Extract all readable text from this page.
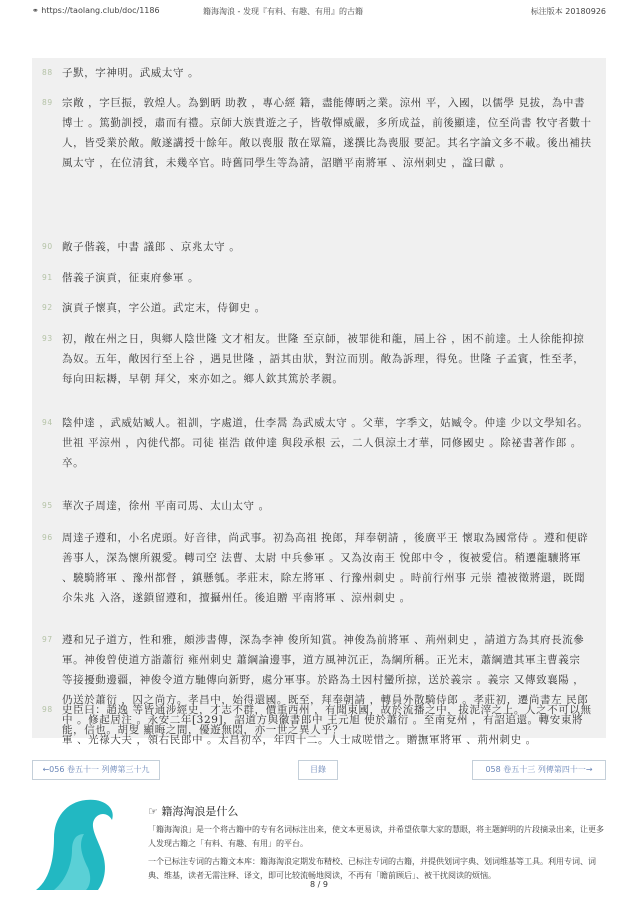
⚭ https://taolang.club/doc/1186	籍海淘浪 - 发现『有料、有趣、有用』的古籍	标注版本 20180926
88 子默，字神明。武威太守 。
89 宗敞 ，字巨振，敦煌人。為劉昞 助教 ，專心經 籍，盡能傳昞之業。涼州 平，入國，以儒學 見拔，為中書 博士 。篤勤訓授，肅而有禮。京師大族貴遊之子，皆敬憚威嚴，多所成益，前後顯達，位至尚書 牧守者數十人，皆受業於敞。敞遂講授十餘年。敞以喪服 散在眾篇，遂撰比為喪服 要記。其名字論文多不載。後出補扶風太守 ，在位清貧，未幾卒官。時舊同學生等為請，詔贈平南將軍 、涼州刺史 ，諡曰獻 。
90 敞子偕義，中書 議郎 、京兆太守 。
91 偕義子演貢，征東府參軍 。
92 演貢子懷真，字公道。武定末，侍御史 。
93 初，敞在州之日，與鄉人陰世隆 文才相友。世隆 至京師，被罪徙和龍，屆上谷 ，困不前達。土人徐能抑掠為奴。五年，敞因行至上谷 ，遇見世隆 ，語其由狀，對泣而別。敞為訴理，得免。世隆 子孟賓，性至孝，每向田耘耨，早朝 拜父，來亦如之。鄉人欽其篤於孝親。
94 陰仲達 ，武威姑臧人。祖訓，字處道，仕李暠 為武威太守 。父華，字季文，姑臧令。仲達 少以文學知名。世祖 平涼州 ，內徙代都。司徒 崔浩 啟仲達 與段承根 云，二人俱涼土才華，同修國史 。除祕書著作郎 。卒。
95 華次子周達，徐州 平南司馬、太山太守 。
96 周達子遵和，小名虎頭。好音律，尚武事。初為高祖 挽郎，拜奉朝請 ，後廣平王 懷取為國常侍 。遵和便辟善事人，深為懷所親愛。轉司空 法曹、太尉 中兵參軍 。又為汝南王 悅郎中令 ，復被愛信。稍遷龍驤將軍 、驍騎將軍 、豫州都督 ，鎮懸瓠。孝莊末，除左將軍 、行豫州刺史 。時前行州事 元崇 禮被徵將還，既聞尒朱兆 入洛，遂鎖留遵和，擅攝州任。後追贈 平南將軍 、涼州刺史 。
97 遵和兄子道方，性和雅，頗涉書傳，深為李神 俊所知賞。神俊為前將軍 、荊州刺史 ，請道方為其府長流參軍。神俊曾使道方詣蕭衍 雍州刺史 蕭綱論邊事，道方風神沉正，為綱所稱。正光末，蕭綱遣其軍主曹義宗 等接擾動邊疆，神俊令道方馳傳向新野，處分軍事。於路為土因村蠻所掠，送於義宗 。義宗 又傳致襄陽 ，仍送於蕭衍 ，囚之尚方。孝昌中，始得還國。既至，拜奉朝請 ，轉員外散騎侍郎 。孝莊初，遷尚書左 民郎中 。修起居注 。永安二年[329]，詔道方與徽書郎中 王元旭 使於蕭衍 。至南兗州 ，有詔追還。轉安東將軍 、光祿大夫 ，領右民郎中 。太昌初卒，年四十二。人士咸嗟惜之。贈撫軍將軍 、荊州刺史 。
98 史臣曰：趙逸 等皆通涉經史，才志不群，價重西州 ，有聞東國，故於流播之中，拔泥滓之上。人之不可以無能，信也。胡叟 顯晦之間，優遊無悶，亦一世之異人乎？
←056 卷五十一 列傳第三十九	目錄	058 卷五十三 列傳第四十一→
☞ 籍海淘浪是什么
「籍海淘浪」是一个将古籍中的专有名词标注出来，使文本更易读，并希望依靠大家的慧眼，将主题鲜明的片段摘录出来，让更多人发现古籍之「有料、有趣、有用」的平台。
一个已标注专词的古籍文本库：籍海淘浪定期发布精校、已标注专词的古籍，并提供划词字典、划词维基等工具。利用专词、词典、维基，读者无需注释、译文，即可比较流畅地阅读，不再有「瞻前顾后」、被干扰阅读的烦恼。
8 / 9
